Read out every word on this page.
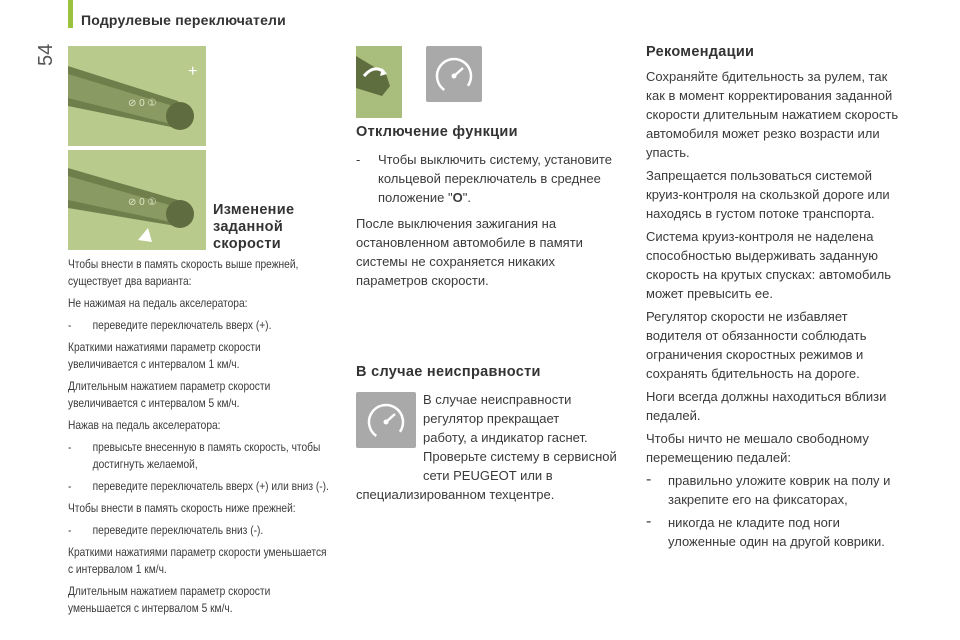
Подрулевые переключатели
54
⊘ 0 ①
+
⊘ 0 ①	Изменение
заданной
скорости

Чтобы внести в память скорость выше прежней,

существует два варианта:

Не нажимая на педаль акселератора:

- переведите переключатель вверх (+).

Краткими нажатиями параметр скорости

увеличивается с интервалом 1 км/ч.

Длительным нажатием параметр скорости

увеличивается с интервалом 5 км/ч.

Нажав на педаль акселератора:

- превысьте внесенную в память скорость, чтобы

достигнуть желаемой,

- переведите переключатель вверх (+) или вниз (-).

Чтобы внести в память скорость ниже прежней:

- переведите переключатель вниз (-).

Краткими нажатиями параметр скорости уменьшается

с интервалом 1 км/ч.

Длительным нажатием параметр скорости

уменьшается с интервалом 5 км/ч.

Отключение функции
- Чтобы выключить систему, установите
кольцевой переключатель в среднее
положение "O".
После выключения зажигания на
остановленном автомобиле в памяти
системы не сохраняется никаких
параметров скорости.
В случае неисправности
В случае неисправности
регулятор прекращает
работу, а индикатор гаснет.
Проверьте систему в сервисной
сети PEUGEOT или в
специализированном техцентре.
Рекомендации
Сохраняйте бдительность за рулем, так
как в момент корректирования заданной
скорости длительным нажатием скорость
автомобиля может резко возрасти или
упасть.
Запрещается пользоваться системой
круиз-контроля на скользкой дороге или
находясь в густом потоке транспорта.
Система круиз-контроля не наделена
способностью выдерживать заданную
скорость на крутых спусках: автомобиль
может превысить ее.
Регулятор скорости не избавляет
водителя от обязанности соблюдать
ограничения скоростных режимов и
сохранять бдительность на дороге.
Ноги всегда должны находиться вблизи
педалей.
Чтобы ничто не мешало свободному
перемещению педалей:
- правильно уложите коврик на полу и
закрепите его на фиксаторах,
- никогда не кладите под ноги
уложенные один на другой коврики.
